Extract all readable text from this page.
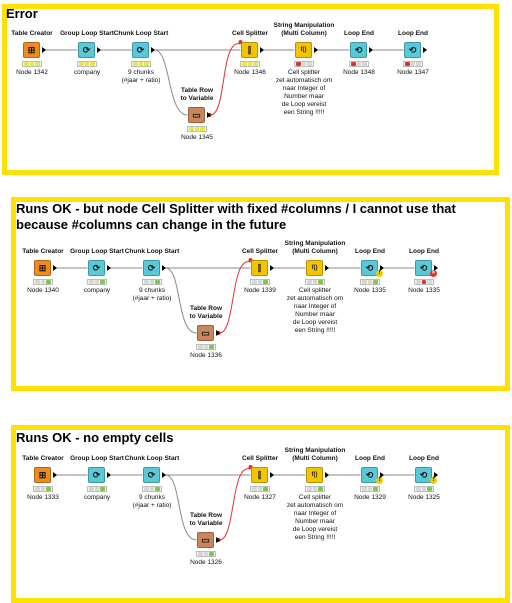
Error
Table Creator
⊞
Node 1342
Group Loop Start
⟳
company
Chunk Loop Start
⟳
9 chunks
(#jaar + ratio)
Table Row
to Variable
▭
Node 1345
Cell Splitter
⫿
Node 1346
String Manipulation
(Multi Column)
f()
Cell splitter
zet automatisch om
naar Integer of
Number maar
de Loop vereist
een String !!!!!
Loop End
⟲
Node 1348
Loop End
⟲
Node 1347
Runs OK - but node Cell Splitter with fixed #columns / I cannot use that
because #columns can change in the future
Table Creator
⊞
Node 1340
Group Loop Start
⟳
company
Chunk Loop Start
⟳
9 chunks
(#jaar + ratio)
Table Row
to Variable
▭
Node 1336
Cell Splitter
⫿
Node 1339
String Manipulation
(Multi Column)
f()
Cell splitter
zet automatisch om
naar Integer of
Number maar
de Loop vereist
een String !!!!!
Loop End
⟲
!
Node 1335
Loop End
⟲
×
Node 1335
Runs OK - no empty cells
Table Creator
⊞
Node 1333
Group Loop Start
⟳
company
Chunk Loop Start
⟳
9 chunks
(#jaar + ratio)
Table Row
to Variable
▭
Node 1326
Cell Splitter
⫿
Node 1327
String Manipulation
(Multi Column)
f()
Cell splitter
zet automatisch om
naar Integer of
Number maar
de Loop vereist
een String !!!!!
Loop End
⟲
!
Node 1329
Loop End
⟲
!
Node 1325
